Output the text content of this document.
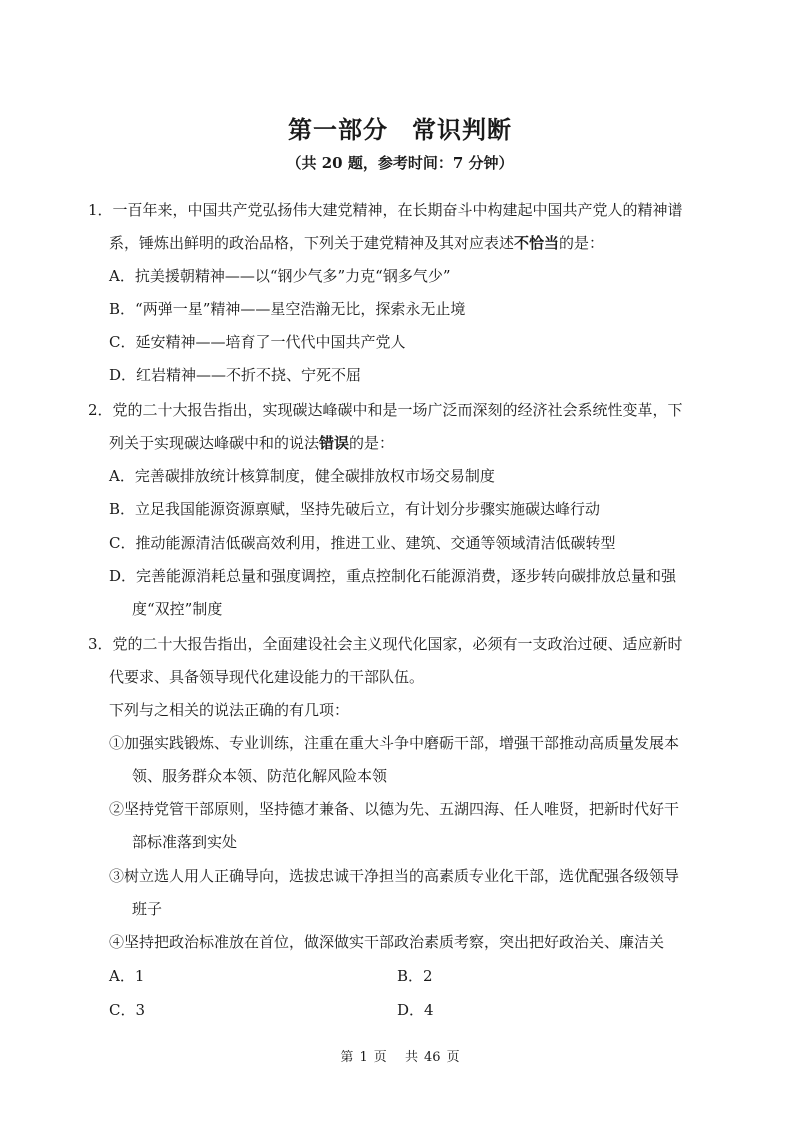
第一部分 常识判断
（共 20 题，参考时间：7 分钟）
1．一百年来，中国共产党弘扬伟大建党精神，在长期奋斗中构建起中国共产党人的精神谱
系，锤炼出鲜明的政治品格，下列关于建党精神及其对应表述不恰当的是：
A．抗美援朝精神——以“钢少气多”力克“钢多气少”
B．“两弹一星”精神——星空浩瀚无比，探索永无止境
C．延安精神——培育了一代代中国共产党人
D．红岩精神——不折不挠、宁死不屈
2．党的二十大报告指出，实现碳达峰碳中和是一场广泛而深刻的经济社会系统性变革，下
列关于实现碳达峰碳中和的说法错误的是：
A．完善碳排放统计核算制度，健全碳排放权市场交易制度
B．立足我国能源资源禀赋，坚持先破后立，有计划分步骤实施碳达峰行动
C．推动能源清洁低碳高效利用，推进工业、建筑、交通等领域清洁低碳转型
D．完善能源消耗总量和强度调控，重点控制化石能源消费，逐步转向碳排放总量和强
度“双控”制度
3．党的二十大报告指出，全面建设社会主义现代化国家，必须有一支政治过硬、适应新时
代要求、具备领导现代化建设能力的干部队伍。
下列与之相关的说法正确的有几项：
①加强实践锻炼、专业训练，注重在重大斗争中磨砺干部，增强干部推动高质量发展本
领、服务群众本领、防范化解风险本领
②坚持党管干部原则，坚持德才兼备、以德为先、五湖四海、任人唯贤，把新时代好干
部标准落到实处
③树立选人用人正确导向，选拔忠诚干净担当的高素质专业化干部，选优配强各级领导
班子
④坚持把政治标准放在首位，做深做实干部政治素质考察，突出把好政治关、廉洁关
A．1	B．2
C．3	D．4
第 1 页 共 46 页
